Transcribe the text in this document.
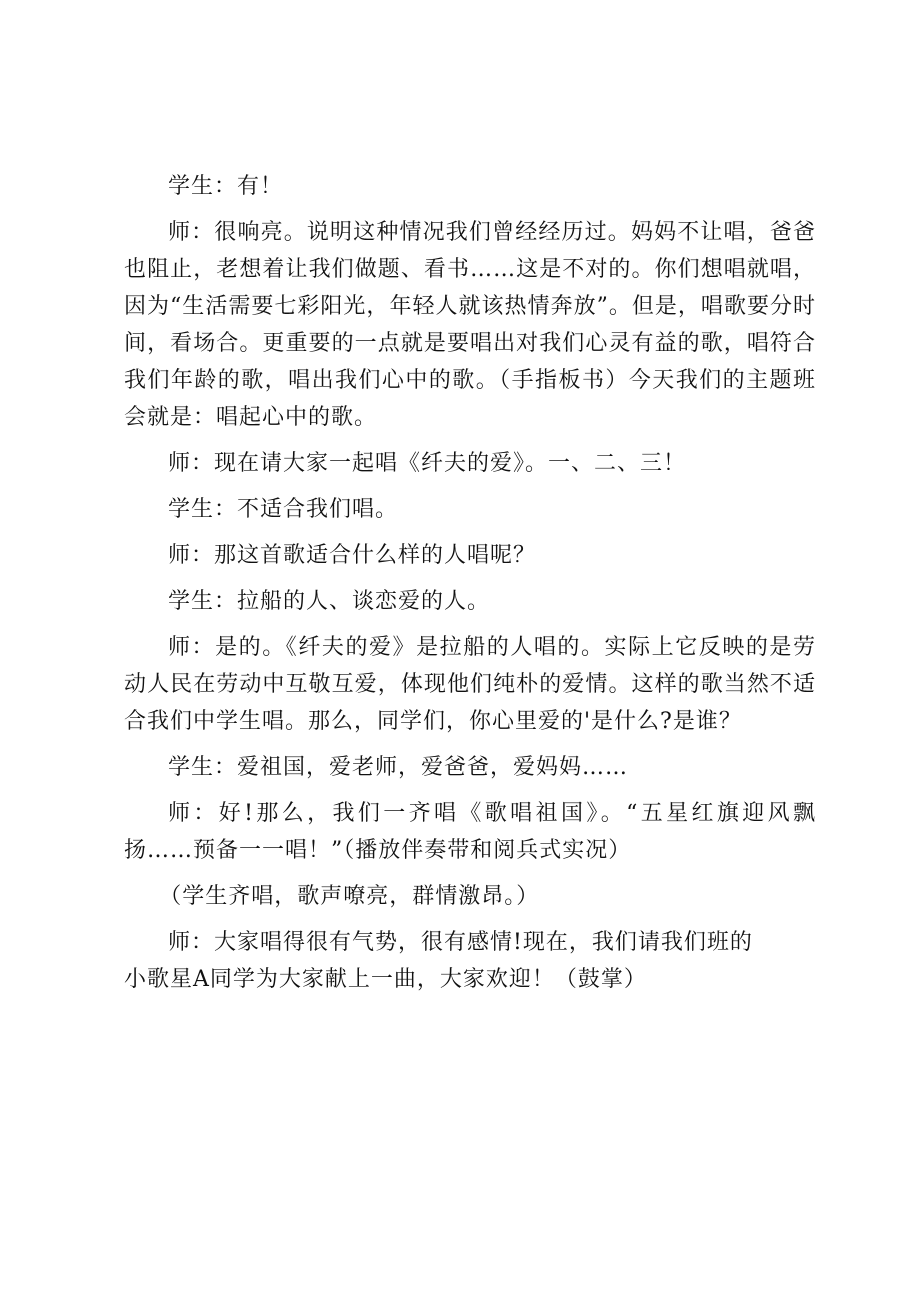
学生：有！

师：很响亮。说明这种情况我们曾经经历过。妈妈不让唱，爸爸也阻止，老想着让我们做题、看书……这是不对的。你们想唱就唱，因为“生活需要七彩阳光，年轻人就该热情奔放”。但是，唱歌要分时间，看场合。更重要的一点就是要唱出对我们心灵有益的歌，唱符合我们年龄的歌，唱出我们心中的歌。（手指板书）今天我们的主题班会就是：唱起心中的歌。

师：现在请大家一起唱《纤夫的爱》。一、二、三！

学生：不适合我们唱。

师：那这首歌适合什么样的人唱呢？

学生：拉船的人、谈恋爱的人。

师：是的。《纤夫的爱》是拉船的人唱的。实际上它反映的是劳动人民在劳动中互敬互爱，体现他们纯朴的爱情。这样的歌当然不适合我们中学生唱。那么，同学们，你心里爱的'是什么?是谁？

学生：爱祖国，爱老师，爱爸爸，爱妈妈……

师：好!那么，我们一齐唱《歌唱祖国》。“五星红旗迎风飘扬……预备一一唱！”（播放伴奏带和阅兵式实况）

（学生齐唱，歌声嘹亮，群情激昂。）

师：大家唱得很有气势，很有感情!现在，我们请我们班的

小歌星A同学为大家献上一曲，大家欢迎！（鼓掌）
